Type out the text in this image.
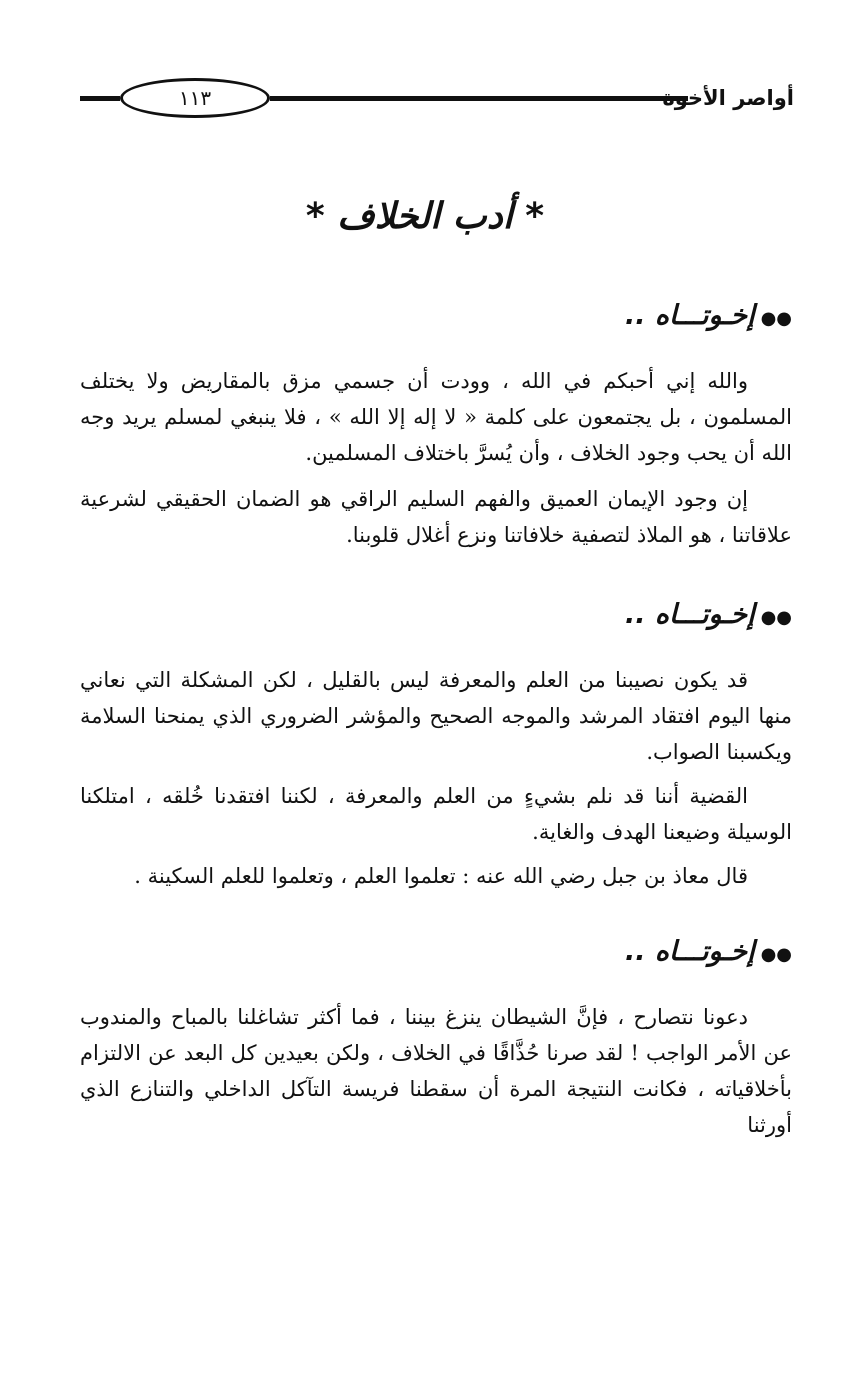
١١٣	أواصر الأخوة
* أدب الخلاف *
●●إخـوتـــاه ..

والله إني أحبكم في الله ، وودت أن جسمي مزق بالمقاريض ولا يختلف المسلمون ، بل يجتمعون على كلمة « لا إله إلا الله » ، فلا ينبغي لمسلم يريد وجه الله أن يحب وجود الخلاف ، وأن يُسرَّ باختلاف المسلمين.

إن وجود الإيمان العميق والفهم السليم الراقي هو الضمان الحقيقي لشرعية علاقاتنا ، هو الملاذ لتصفية خلافاتنا ونزع أغلال قلوبنا.

●●إخـوتـــاه ..

قد يكون نصيبنا من العلم والمعرفة ليس بالقليل ، لكن المشكلة التي نعاني منها اليوم افتقاد المرشد والموجه الصحيح والمؤشر الضروري الذي يمنحنا السلامة ويكسبنا الصواب.

القضية أننا قد نلم بشيءٍ من العلم والمعرفة ، لكننا افتقدنا خُلقه ، امتلكنا الوسيلة وضيعنا الهدف والغاية.

قال معاذ بن جبل رضي الله عنه : تعلموا العلم ، وتعلموا للعلم السكينة .

●●إخـوتـــاه ..

دعونا نتصارح ، فإنَّ الشيطان ينزغ بيننا ، فما أكثر تشاغلنا بالمباح والمندوب عن الأمر الواجب ! لقد صرنا حُذَّاقًا في الخلاف ، ولكن بعيدين كل البعد عن الالتزام بأخلاقياته ، فكانت النتيجة المرة أن سقطنا فريسة التآكل الداخلي والتنازع الذي أورثنا
